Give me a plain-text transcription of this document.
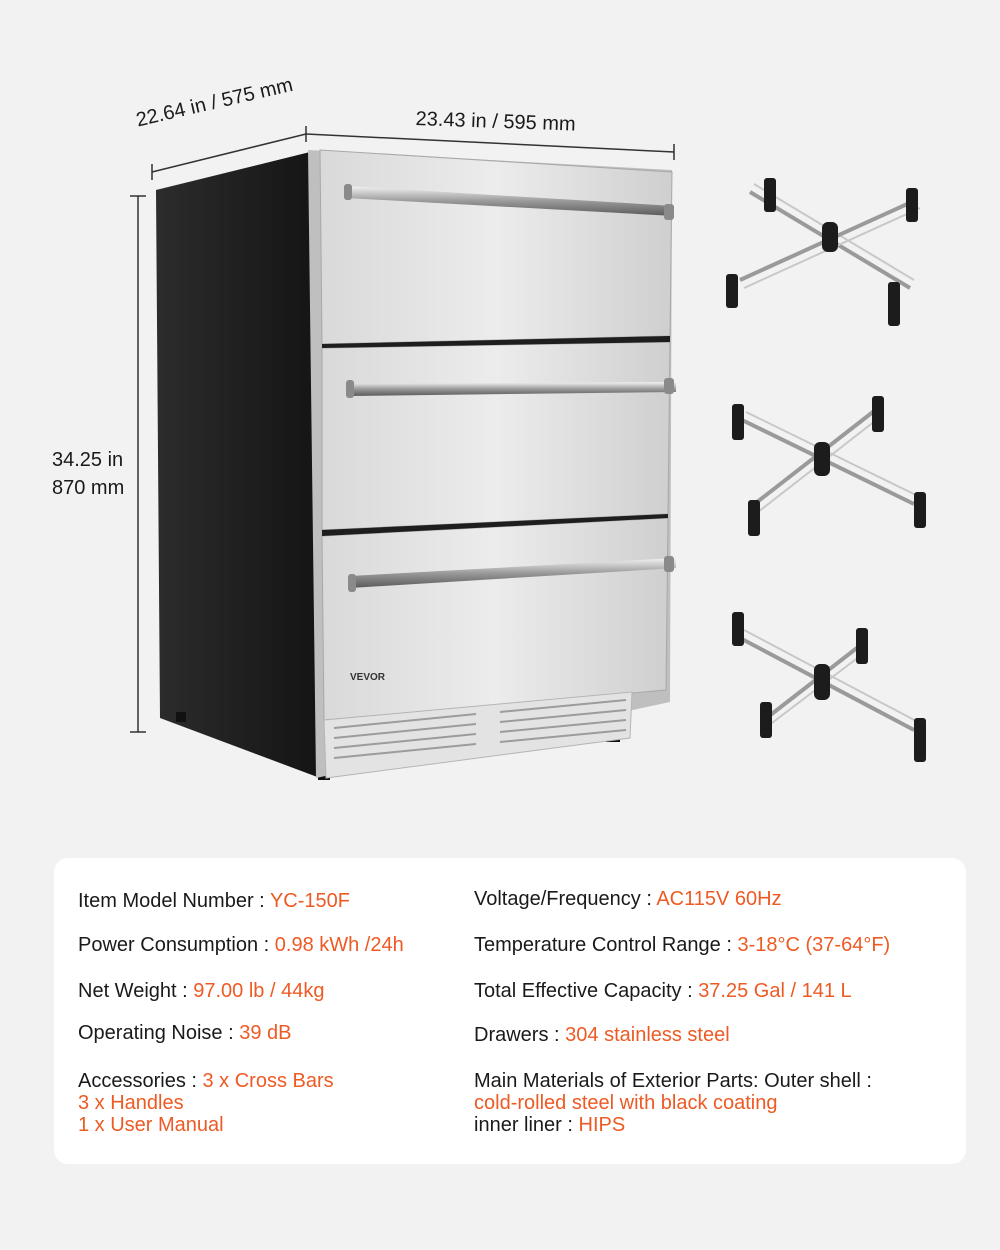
VEVOR
22.64 in / 575 mm	23.43 in / 595 mm
34.25 in
870 mm
Item Model Number : YC-150F
Power Consumption : 0.98 kWh /24h
Net Weight : 97.00 lb / 44kg
Operating Noise : 39 dB
Accessories : 3 x Cross Bars
3 x Handles
1 x User Manual
Voltage/Frequency : AC115V 60Hz
Temperature Control Range : 3-18°C (37-64°F)
Total Effective Capacity : 37.25 Gal / 141 L
Drawers : 304 stainless steel
Main Materials of Exterior Parts: Outer shell :
cold-rolled steel with black coating
inner liner : HIPS
